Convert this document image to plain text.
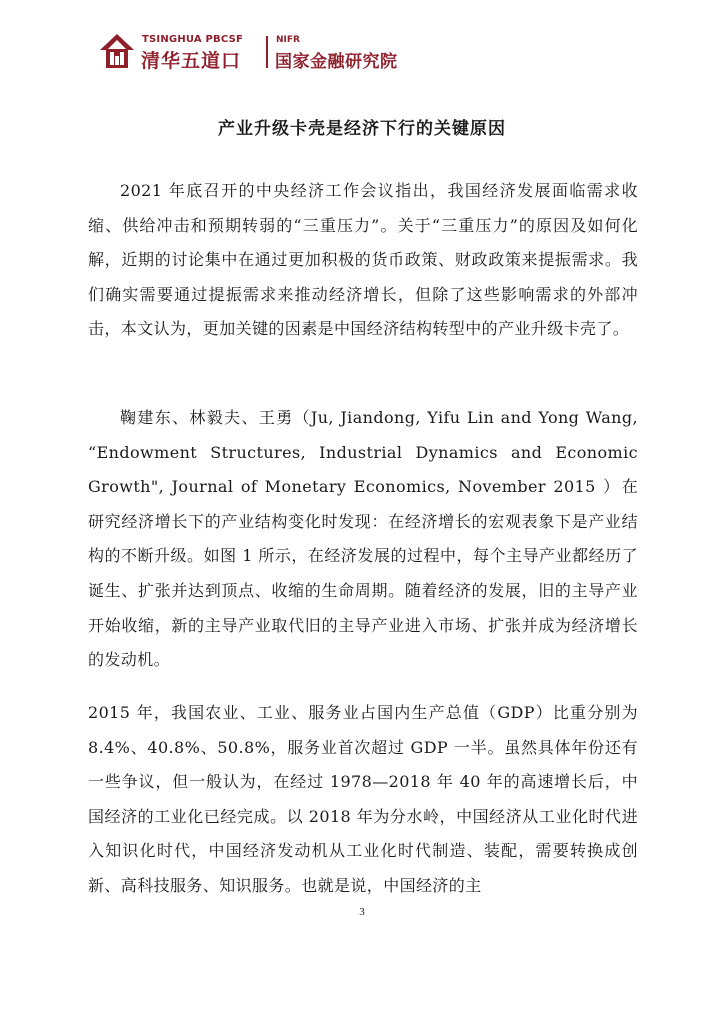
TSINGHUA PBCSF
清华五道口
NIFR
国家金融研究院
产业升级卡壳是经济下行的关键原因

2021 年底召开的中央经济工作会议指出，我国经济发展面临需求收缩、供给冲击和预期转弱的“三重压力”。关于“三重压力”的原因及如何化解，近期的讨论集中在通过更加积极的货币政策、财政政策来提振需求。我们确实需要通过提振需求来推动经济增长，但除了这些影响需求的外部冲击，本文认为，更加关键的因素是中国经济结构转型中的产业升级卡壳了。

鞠建东、林毅夫、王勇（Ju, Jiandong, Yifu Lin and Yong Wang, “Endowment Structures, Industrial Dynamics and Economic Growth", Journal of Monetary Economics, November 2015 ）在研究经济增长下的产业结构变化时发现：在经济增长的宏观表象下是产业结构的不断升级。如图 1 所示，在经济发展的过程中，每个主导产业都经历了诞生、扩张并达到顶点、收缩的生命周期。随着经济的发展，旧的主导产业开始收缩，新的主导产业取代旧的主导产业进入市场、扩张并成为经济增长的发动机。

2015 年，我国农业、工业、服务业占国内生产总值（GDP）比重分别为 8.4%、40.8%、50.8%，服务业首次超过 GDP 一半。虽然具体年份还有一些争议，但一般认为，在经过 1978—2018 年 40 年的高速增长后，中国经济的工业化已经完成。以 2018 年为分水岭，中国经济从工业化时代进入知识化时代，中国经济发动机从工业化时代制造、装配，需要转换成创新、高科技服务、知识服务。也就是说，中国经济的主

3
